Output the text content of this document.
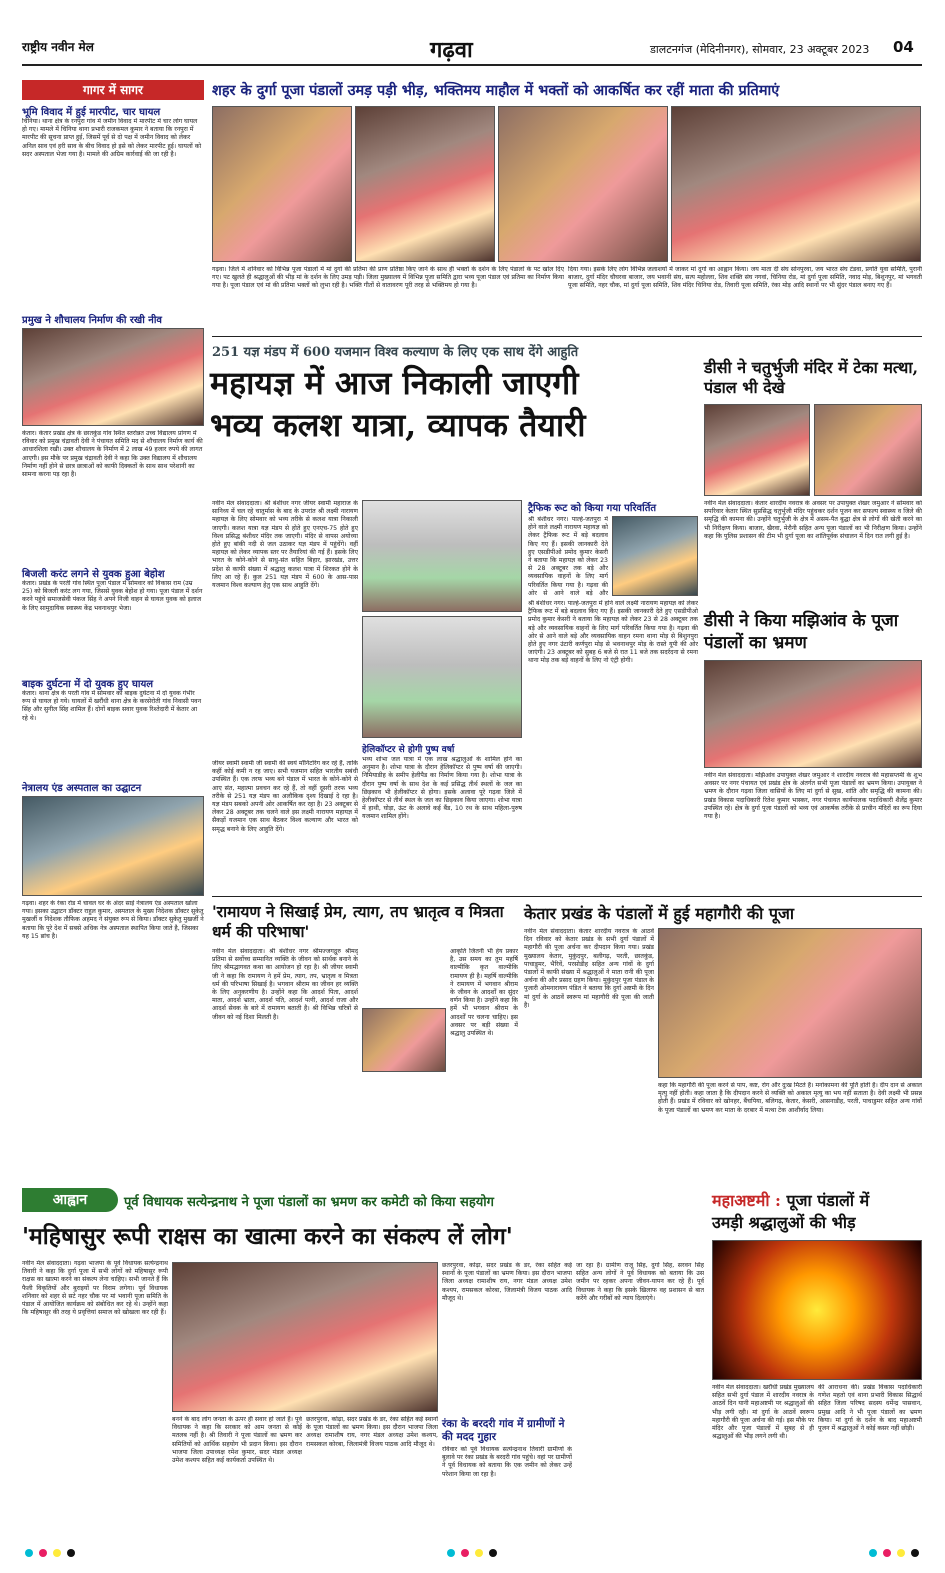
राष्ट्रीय नवीन मेल	गढ़वा	डालटनगंज (मेदिनीनगर), सोमवार, 23 अक्टूबर 2023 04
गागर में सागर
भूमि विवाद में हुई मारपीट, चार घायल
चिनिया। थाना क्षेत्र के रनपुरा गांव में जमीन विवाद में मारपीट में चार लोग घायल हो गए। मामले में चिनिया थाना प्रभारी राजकमल कुमार ने बताया कि रनपुरा में मारपीट की सूचना प्राप्त हुई, जिसमें पूर्व से दो पक्ष में जमीन विवाद को लेकर अनिल साव एवं हरी साव के बीच विवाद हो इसे को लेकर मारपीट हुई। घायलों को सदर अस्पताल भेजा गया है। मामले की अग्रिम कार्रवाई की जा रही है।
प्रमुख ने शौचालय निर्माण की रखी नीव
केतार। केतार प्रखंड क्षेत्र के छातकुंड गांव स्थित स्तरोन्नत उच्च विद्यालय प्रांगण में रविवार को प्रमुख चंद्रावती देवी ने पंचायत समिति मद से शौचालय निर्माण कार्य की आधारशिला रखी। उक्त शौचालय के निर्माण में 2 लाख 49 हजार रुपये की लागत आएगी। इस मौके पर प्रमुख चंद्रावती देवी ने कहा कि उक्त विद्यालय में शौचालय निर्माण नहीं होने से छात्र छात्राओं को काफी दिक्कतों के साथ साथ परेशानी का सामना करना पड़ रहा है।
बिजली करंट लगने से युवक हुआ बेहोश
केतार। प्रखंड के परती गांव स्थित पूजा पंडाल में सोमवार को विकास राम (उम्र 25) को बिजली करंट लग गया, जिससे युवक बेहोश हो गया। पूजा पंडाल में दर्शन करने पहुंचे समाजसेवी पंकज सिंह ने अपने निजी वाहन से घायल युवक को इलाज के लिए सामुदायिक स्वास्थ्य केंद्र भवनाथपुर भेजा।
बाइक दुर्घटना में दो युवक हुए घायल
केतार। थाना क्षेत्र के परती गांव में सोमवार को बाइक दुर्घटना में दो युवक गंभीर रूप से घायल हो गये। घायलों में खरौंधी थाना क्षेत्र के करसेरोती गांव निवासी पवन सिंह और सुनील सिंह शामिल हैं। दोनों बाइक सवार युवक रिश्तेदारी में केतार आ रहे थे।
नेत्रालय एंड अस्पताल का उद्घाटन
गढ़वा। शहर के रंका रोड में चावल घर के अंदर साई नेत्रालय एंड अस्पताल खोला गया। इसका उद्घाटन डॉक्टर राहुल कुमार, अस्पताल के मुख्य निदेशक डॉक्टर सुकेतु मुखर्जी व निदेशक तौफिक अहमद ने संयुक्त रूप से किया। डॉक्टर सुकेतु मुखर्जी ने बताया कि पूरे देश में सबसे अधिक नेत्र अस्पताल स्थापित किया जाते है, जिसका यह 15 ब्रांच है।
शहर के दुर्गा पूजा पंडालों उमड़ पड़ी भीड़, भक्तिमय माहौल में भक्तों को आकर्षित कर रहीं माता की प्रतिमाएं
गढ़वा। जिले में शनिवार को विभिन्न पूजा पंडालों में मां दुर्गा की प्रतिमा की प्राण प्रतिष्ठा किए जाने के साथ ही भक्तों के दर्शन के लिए पंडालों के पट खोल दिए गए। पट खुलते ही श्रद्धालुओं की भीड़ मां के दर्शन के लिए उमड़ पड़ी। जिला मुख्यालय में विभिन्न पूजा समिति द्वारा भव्य पूजा पंडाल एवं प्रतिमा का निर्माण किया गया है। पूजा पंडाल एवं मां की प्रतिमा भक्तों को लुभा रही है। भक्ति गीतों से वातावरण पूरी तरह से भक्तिमय हो गया है।
दिया गया। इसके लिए लोग विभिन्न जलाशयों में जाकर मां दुर्गा का आह्वान किया। जय माता दी संघ सोनपुरवा, जय भारत संघ टंडवा, प्रगति युवा समिति, पुरानी बाजार, दुर्गा मंदिर चौघरवा बाजार, जय भवानी संघ, सत्य महोल्ला, शिव शक्ति संघ नगवां, चिनिया रोड, मां दुर्गा पूजा समिति, नवाद मोड़, बिशुनपुर, मां भगवती पूजा समिति, नहर चौक, मां दुर्गा पूजा समिति, शिव मंदिर चिनिया रोड, तिवारी पूजा समिति, रंका मोड़ आदि स्थानों पर भी सुंदर पंडाल बनाए गए हैं।
251 यज्ञ मंडप में 600 यजमान विश्व कल्याण के लिए एक साथ देंगे आहुति
महायज्ञ में आज निकाली जाएगी
भव्य कलश यात्रा, व्यापक तैयारी
नवीन मेल संवाददाता। श्री बंशीधर नगर जीयर स्वामी महाराज के सानिध्य में चल रहे चातुर्मास के बाद के उपरांत श्री लक्ष्मी नारायण महायज्ञ के लिए सोमवार को भव्य तरीके से कलश यात्रा निकाली जाएगी। कलश यात्रा यज्ञ मंडप से होते हुए एनएच-75 होते हुए विश्व प्रसिद्ध बंशीधर मंदिर तक जाएगी। मंदिर से वापस अयोध्या होते हुए बांकी नदी से जल उठाकर यज्ञ मंडप में पहुंचेंगे। वहीं महायज्ञ को लेकर व्यापक स्तर पर तैयारियां की गई हैं। इसके लिए भारत के कोने-कोने से साधु-संत सहित बिहार, झारखंड, उत्तर प्रदेश से काफी संख्या में श्रद्धालु कलश यात्रा में शिरकत होने के लिए आ रहे हैं। कुल 251 यज्ञ मंडप में 600 के आस-पास यजमान विश्व कल्याण हेतु एक साथ आहुति देंगे।
जीयर स्वामी स्वामी जी स्वामी की स्वयं मॉनिटरिंग कर रहे हैं, ताकि कहीं कोई कमी न रह जाए। सभी यजमान सहित भारतीय सबंधी उपस्थित हैं। एक तरफ भव्य बने पंडाल में भारत के कोने-कोने से आए संत, महात्मा प्रवचन कर रहे हैं, तो वहीं दूसरी तरफ भव्य तरीके से 251 यज्ञ मंडप का अलौकिक दृश्य दिखाई दे रहा है। यज्ञ मंडप सबको अपनी ओर आकर्षित कर रहा है। 23 अक्टूबर से लेकर 28 अक्टूबर तक चलने वाले इस लक्ष्मी नारायण महायज्ञ में सैकड़ों यजमान एक साथ बैठकर विश्व कल्याण और भारत को समृद्ध बनाने के लिए आहुति देंगे।
हेलिकॉप्टर से होगी पुष्प वर्षा
भव्य शोभा जल यात्रा में एक लाख श्रद्धालुओं के शामिल होने का अनुमान है। शोभा यात्रा के दौरान हेलिकॉप्टर से पुष्प वर्षा की जाएगी। निमियाडीह के समीप हेलीपैड का निर्माण किया गया है। शोभा यात्रा के दौरान पुष्प वर्षा के साथ देश के कई प्रसिद्ध तीर्थ स्थलों के जल का छिड़काव भी हेलीकॉप्टर से होगा। इसके अलावा पूरे गढ़वा जिले में हेलीकॉप्टर से तीर्थ स्थल के जल का छिड़काव किया जाएगा। शोभा यात्रा में हाथी, घोड़ा, ऊंट के अलावे कई बैंड, 10 रथ के साथ महिला-पुरुष यजमान शामिल होंगे।
ट्रैफिक रूट को किया गया परिवर्तित
श्री बंशीधर नगर। पाल्हे-जतपुरा में होने वाले लक्ष्मी नारायण महायज्ञ को लेकर ट्रैफिक रूट में बड़े बदलाव किए गए हैं। इसकी जानकारी देते हुए एसडीपीओ प्रमोद कुमार केसरी ने बताया कि महायज्ञ को लेकर 23 से 28 अक्टूबर तक बड़े और व्यवसायिक वाहनों के लिए मार्ग परिवर्तित किया गया है। गढ़वा की ओर से आने वाले बड़े और
श्री बंशीधर नगर। पाल्हे-जतपुरा में होने वाले लक्ष्मी नारायण महायज्ञ को लेकर ट्रैफिक रूट में बड़े बदलाव किए गए हैं। इसकी जानकारी देते हुए एसडीपीओ प्रमोद कुमार केसरी ने बताया कि महायज्ञ को लेकर 23 से 28 अक्टूबर तक बड़े और व्यवसायिक वाहनों के लिए मार्ग परिवर्तित किया गया है। गढ़वा की ओर से आने वाले बड़े और व्यवसायिक वाहन रमना थाना मोड़ से बिशुनपुरा होते हुए नगर उंटारी कर्णपुरा मोड़ से भवनाथपुर मोड़ के रास्ते यूपी की ओर जाएंगी। 23 अक्टूबर को सुबह 6 बजे से रात 11 बजे तक सदर्रदना से रमना थाना मोड़ तक बड़े वाहनों के लिए नो एंट्री होगी।
डीसी ने चतुर्भुजी मंदिर में टेका मत्था, पंडाल भी देखे
नवीन मेल संवाददाता। केतार शारदीय नवरात्र के अवसर पर उपायुक्त शेखर जमुआर ने सोमवार को सपरिवार केतार स्थित सुप्रसिद्ध चतुर्भुजी मंदिर पहुंचकर दर्शन पूजन कर सफल्य स्वास्थ्य व जिले की समृद्धि की कामना की। उन्होंने चतुर्भुजी के क्षेत्र में असम-पैत बुद्धा क्षेत्र से लोगों की खेती करने का भी निरीक्षण किया। बाजार, खैरवा, मेरौनी सहित अन्य पूजा पंडालों का भी निरीक्षण किया। उन्होंने कहा कि पुलिस प्रशासन की टीम भी दुर्गा पूजा का शांतिपूर्वक संचालन में दिन रात लगी हुई है।
डीसी ने किया मझिआंव के पूजा पंडालों का भ्रमण
नवीन मेल संवाददाता। मझिआंव उपायुक्त शेखर जमुआर ने शारदीय नवरात्र की महासप्तमी के शुभ अवसर पर नगर पंचायत एवं प्रखंड क्षेत्र के अंतर्गत सभी पूजा पंडालों का भ्रमण किया। उपायुक्त ने भ्रमण के दौरान गढ़वा जिला वासियों के लिए मां दुर्गा से सुख, शांति और समृद्धि की कामना की। प्रखंड विकास पदाधिकारी रितेश कुमार भास्कर, नगर पंचायत कार्यपालक पदाधिकारी शैलेंद्र कुमार उपस्थित रहे। क्षेत्र के दुर्गा पूजा पंडालों को भव्य एवं आकर्षक तरीके से प्राचीन मंदिरों का रूप दिया गया है।
'रामायण ने सिखाई प्रेम, त्याग, तप भ्रातृत्व व मित्रता धर्म की परिभाषा'
नवीन मेल संवाददाता। श्री बंशीधर नगर श्रीमज्जगद्गुरु श्रीमद् प्रतिमा से सर्वोच्च सम्मानित व्यक्ति के जीवन को सार्थक बनाने के लिए श्रीमद्भागवत कथा का आयोजन हो रहा है। श्री जीयर स्वामी जी ने कहा कि रामायण ने हमें प्रेम, त्याग, तप, भ्रातृत्व व मित्रता धर्म की परिभाषा सिखाई है। भगवान श्रीराम का जीवन हर व्यक्ति के लिए अनुकरणीय है। उन्होंने कहा कि आदर्श पिता, आदर्श माता, आदर्श भ्राता, आदर्श पति, आदर्श पत्नी, आदर्श राजा और आदर्श सेवक के बारे में रामायण बताती है। श्री विभिन्न चरित्रों से जीवन को नई दिशा मिलती है।
आकृति जितनी भी हेय प्रकार है, उस समय का तुम महर्षि वाल्मीकि कृत वाल्मीकि रामायण ही है। महर्षि वाल्मीकि ने रामायण में भगवान श्रीराम के जीवन के आदर्शों का सुंदर वर्णन किया है। उन्होंने कहा कि हमें भी भगवान श्रीराम के आदर्शों पर चलना चाहिए। इस अवसर पर बड़ी संख्या में श्रद्धालु उपस्थित थे।
केतार प्रखंड के पंडालों में हुई महागौरी की पूजा
नवीन मेल संवाददाता। केतार शारदीय नवरात्र के आठवें दिन रविवार को केतार प्रखंड के सभी दुर्गा पंडालों में महागौरी की पूजा अर्चना कर दीपदान किया गया। प्रखंड मुख्यालय केतार, मुकुंदपुर, बलीगढ़, परती, छातकुंड, पाचाडुमर, भैरिवें, परसोडीह सहित अन्य गांवों के दुर्गा पंडालों में काफी संख्या में श्रद्धालुओं ने माता रानी की पूजा अर्चना की और प्रसाद ग्रहण किया। मुकुंदपुर पूजा पंडाल के पुजारी ओमनारायण पंडित ने बताया कि दुर्गा अष्टमी के दिन मां दुर्गा के आठवें स्वरूप मां महागौरी की पूजा की जाती है।
कहा कि महागौरी की पूजा करने से पाप, कष्ट, रोग और दुःख मिटते हैं। मनोकामना की पूर्ति होती है। दीप दान से अकाल मृत्यु नहीं होती। कहा जाता है कि दीपदान करने से व्यक्ति को अकाल मृत्यु का भय नहीं सताता है। देवी लक्ष्मी भी प्रसन्न होती हैं। प्रखंड में रविवार को खोनहर, बैंचपिया, बलिगढ़, केतार, केसरी, आसनाडीह, परती, पाचाडुमर सहित अन्य गांवों के पूजा पंडालों का भ्रमण कर माता के दरबार में मत्था टेक आशीर्वाद लिया।
आह्वान	पूर्व विधायक सत्येन्द्रनाथ ने पूजा पंडालों का भ्रमण कर कमेटी को किया सहयोग
'महिषासुर रूपी राक्षस का खात्मा करने का संकल्प लें लोग'
नवीन मेल संवाददाता। गढ़वा भाजपा के पूर्व विधायक सत्येन्द्रनाथ तिवारी ने कहा कि दुर्गा पूजा में सभी लोगों को महिषासुर रूपी राक्षस का खात्मा करने का संकल्प लेना चाहिए। सभी जानते हैं कि फैली विकृतियों और बुराइयों पर विराम लगेगा। पूर्व विधायक शनिवार को शहर से सटे नहर चौक पर मां भवानी पूजा समिति के पंडाल में आयोजित कार्यक्रम को संबोधित कर रहे थे। उन्होंने कहा कि महिषासुर की तरह ये प्रवृत्तियां समाज को खोखला कर रही हैं।
बनने के बाद लोग जनता के ऊपर ही सवार हो जाते हैं। पूर्व विधायक ने कहा कि सरकार को आम जनता से कोई मतलब नहीं है। श्री तिवारी ने पूजा पंडालों का भ्रमण कर समितियों को आर्थिक सहयोग भी प्रदान किया। इस दौरान भाजपा जिला उपाध्यक्ष रमेश कुमार, सदर मंडल अध्यक्ष उमेश कश्यप सहित कई कार्यकर्ता उपस्थित थे।
छतरपुरवा, कोढ़ा, सदर प्रखंड के डर, रंका सहित कई स्थानों के पूजा पंडालों का भ्रमण किया। इस दौरान भाजपा जिला अध्यक्ष रामाशीष राय, नगर मंडल अध्यक्ष उमेश कश्यप, रामसकल कोरबा, जिलामंत्री विजय पाठक आदि मौजूद थे।
छतरपुरवा, कोढ़ा, सदर प्रखंड के डर, रंका सहित कई स्थानों के पूजा पंडालों का भ्रमण किया। इस दौरान भाजपा जिला अध्यक्ष रामाशीष राय, नगर मंडल अध्यक्ष उमेश कश्यप, रामसकल कोरबा, जिलामंत्री विजय पाठक आदि मौजूद थे।
रंका के बरदरी गांव में ग्रामीणों ने की मदद गुहार
रविवार को पूर्व विधायक सत्येन्द्रनाथ तिवारी ग्रामीणों के बुलावे पर रंका प्रखंड के बरदरी गांव पहुंचे। वहां पर ग्रामीणों ने पूर्व विधायक को बताया कि एक जमीन को लेकर उन्हें परेशान किया जा रहा है।
जा रहा है। ग्रामीण राजू सिंह, दुर्गा सिंह, सरवन सिंह सहित अन्य लोगों ने पूर्व विधायक को बताया कि उस जमीन पर रहकर अपना जीवन-यापन कर रहे हैं। पूर्व विधायक ने कहा कि इसके खिलाफ वह प्रशासन से बात करेंगे और गरीबों को न्याय दिलाएंगे।
महाअष्टमी : पूजा पंडालों में
उमड़ी श्रद्धालुओं की भीड़
नवीन मेल संवाददाता। खरौंधी प्रखंड मुख्यालय सहित सभी दुर्गा पंडाल में शारदीय नवरात्र के आठवें दिन यानी महाअष्टमी पर श्रद्धालुओं की भीड़ लगी रही। मां दुर्गा के आठवें स्वरूप महागौरी की पूजा अर्चना की गई। इस मौके पर मंदिर और पूजा पंडालों में सुबह से ही श्रद्धालुओं की भीड़ लगने लगी थी।
की आराधना की। प्रखंड विकास पदाधिकारी गणेश महतो एवं थाना प्रभारी विकास सिद्धार्थ सहित जिला परिषद सदस्य धर्मेन्द्र पासवान, प्रमुख आदि ने भी पूजा पंडालों का भ्रमण किया। मां दुर्गा के दर्शन के बाद महाअष्टमी पूजन में श्रद्धालुओं ने कोई कसर नहीं छोड़ी।
